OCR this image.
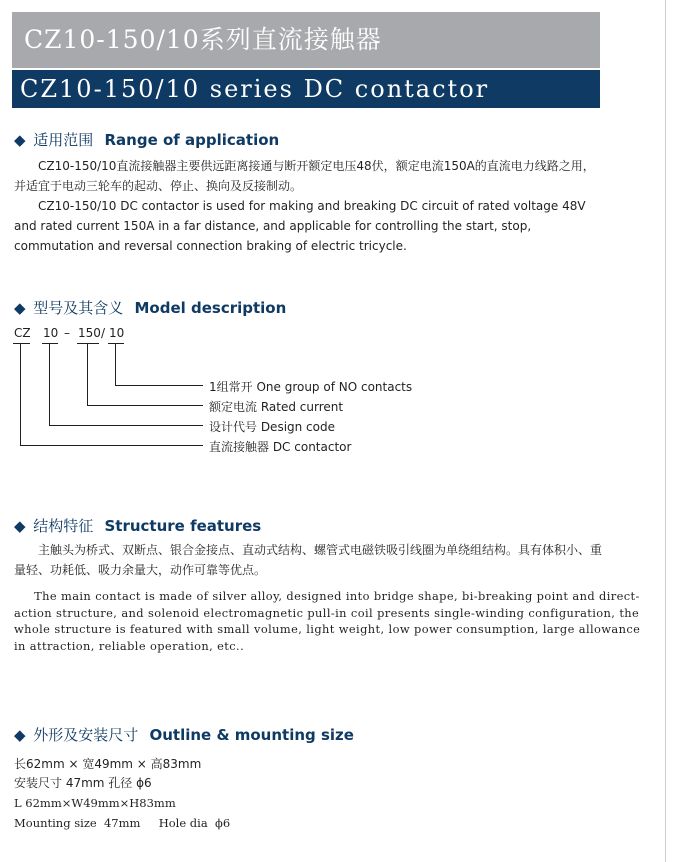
CZ10-150/10系列直流接触器
CZ10-150/10 series DC contactor
◆ 适用范围 Range of application
CZ10-150/10直流接触器主要供远距离接通与断开额定电压48伏，额定电流150A的直流电力线路之用，并适宜于电动三轮车的起动、停止、换向及反接制动。
CZ10-150/10 DC contactor is used for making and breaking DC circuit of rated voltage 48V and rated current 150A in a far distance, and applicable for controlling the start, stop, commutation and reversal connection braking of electric tricycle.
◆ 型号及其含义 Model description
CZ 10 – 150 / 10
1组常开 One group of NO contacts
额定电流 Rated current
设计代号 Design code
直流接触器 DC contactor
◆ 结构特征 Structure features
主触头为桥式、双断点、银合金接点、直动式结构、螺管式电磁铁吸引线圈为单绕组结构。具有体积小、重量轻、功耗低、吸力余量大，动作可靠等优点。
The main contact is made of silver alloy, designed into bridge shape, bi-breaking point and direct-
action structure, and solenoid electromagnetic pull-in coil presents single-winding configuration, the
whole structure is featured with small volume, light weight, low power consumption, large allowance
in attraction, reliable operation, etc..
◆ 外形及安装尺寸 Outline & mounting size
长62mm × 宽49mm × 高83mm
安装尺寸 47mm 孔径 ϕ6
L 62mm×W49mm×H83mm
Mounting size  47mm     Hole dia  ϕ6
